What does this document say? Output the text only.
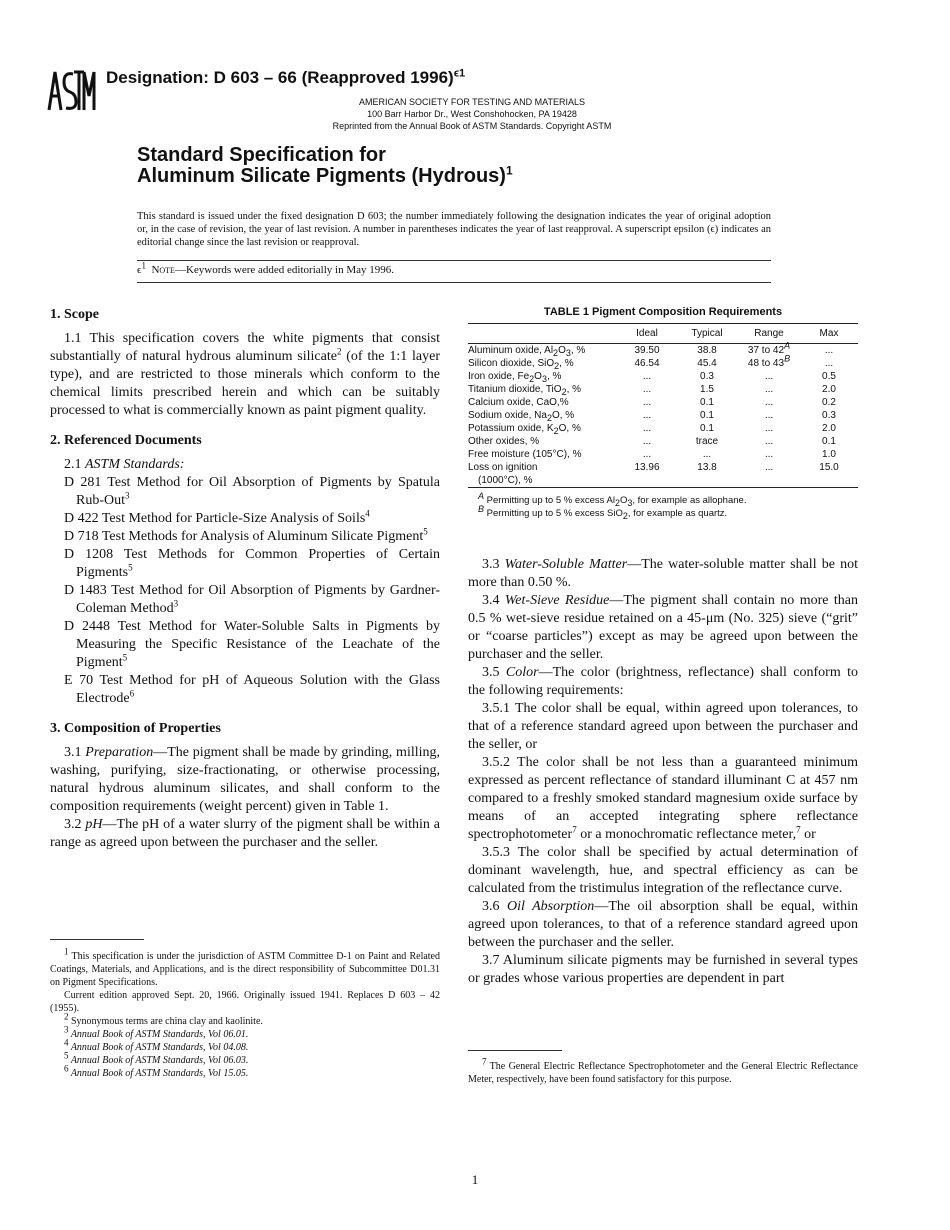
ASTM
Designation: D 603 – 66 (Reapproved 1996)$^{\epsilon 1}$
AMERICAN SOCIETY FOR TESTING AND MATERIALS
100 Barr Harbor Dr., West Conshohocken, PA 19428
Reprinted from the Annual Book of ASTM Standards. Copyright ASTM
Standard Specification for
Aluminum Silicate Pigments (Hydrous)$^1$
This standard is issued under the fixed designation D 603; the number immediately following the designation indicates the year of original adoption or, in the case of revision, the year of last revision. A number in parentheses indicates the year of last reapproval. A superscript epsilon (ϵ) indicates an editorial change since the last revision or reapproval.
$\epsilon^1$ Note—Keywords were added editorially in May 1996.
1. Scope

1.1 This specification covers the white pigments that consist substantially of natural hydrous aluminum silicate$^2$ (of the 1:1 layer type), and are restricted to those minerals which conform to the chemical limits prescribed herein and which can be suitably processed to what is commercially known as paint pigment quality.

2. Referenced Documents

2.1 ASTM Standards:

D 281 Test Method for Oil Absorption of Pigments by Spatula Rub-Out$^3$

D 422 Test Method for Particle-Size Analysis of Soils$^4$

D 718 Test Methods for Analysis of Aluminum Silicate Pigment$^5$

D 1208 Test Methods for Common Properties of Certain Pigments$^5$

D 1483 Test Method for Oil Absorption of Pigments by Gardner-Coleman Method$^3$

D 2448 Test Method for Water-Soluble Salts in Pigments by Measuring the Specific Resistance of the Leachate of the Pigment$^5$

E 70 Test Method for pH of Aqueous Solution with the Glass Electrode$^6$

3. Composition of Properties

3.1 Preparation—The pigment shall be made by grinding, milling, washing, purifying, size-fractionating, or otherwise processing, natural hydrous aluminum silicates, and shall conform to the composition requirements (weight percent) given in Table 1.

3.2 pH—The pH of a water slurry of the pigment shall be within a range as agreed upon between the purchaser and the seller.

TABLE 1 Pigment Composition Requirements
	Ideal	Typical	Range	Max
Aluminum oxide, $Al_2O_3$, %	39.50	38.8	37 to $42^A$	...
Silicon dioxide, SiO$_2$, %	46.54	45.4	48 to $43^B$	...
Iron oxide, $Fe_2O_3$, %	...	0.3	...	0.5
Titanium dioxide, TiO$_2$, %	...	1.5	...	2.0
Calcium oxide, CaO,%	...	0.1	...	0.2
Sodium oxide, $Na_2O$, %	...	0.1	...	0.3
Potassium oxide, $K_2O$, %	...	0.1	...	2.0
Other oxides, %	...	trace	...	0.1
Free moisture (105°C), %	...	...	...	1.0

Loss on ignition
(1000°C), %	13.96	13.8	...	15.0
$^A$ Permitting up to 5 % excess $Al_2O_3$, for example as allophane.
$^B$ Permitting up to 5 % excess SiO$_2$, for example as quartz.

3.3 Water-Soluble Matter—The water-soluble matter shall be not more than 0.50 %.

3.4 Wet-Sieve Residue—The pigment shall contain no more than 0.5 % wet-sieve residue retained on a 45-μm (No. 325) sieve (“grit” or “coarse particles”) except as may be agreed upon between the purchaser and the seller.

3.5 Color—The color (brightness, reflectance) shall conform to the following requirements:

3.5.1 The color shall be equal, within agreed upon tolerances, to that of a reference standard agreed upon between the purchaser and the seller, or

3.5.2 The color shall be not less than a guaranteed minimum expressed as percent reflectance of standard illuminant C at 457 nm compared to a freshly smoked standard magnesium oxide surface by means of an accepted integrating sphere reflectance spectrophotometer$^7$ or a monochromatic reflectance meter,$^7$ or

3.5.3 The color shall be specified by actual determination of dominant wavelength, hue, and spectral efficiency as can be calculated from the tristimulus integration of the reflectance curve.

3.6 Oil Absorption—The oil absorption shall be equal, within agreed upon tolerances, to that of a reference standard agreed upon between the purchaser and the seller.

3.7 Aluminum silicate pigments may be furnished in several types or grades whose various properties are dependent in part

$^1$ This specification is under the jurisdiction of ASTM Committee D-1 on Paint and Related Coatings, Materials, and Applications, and is the direct responsibility of Subcommittee D01.31 on Pigment Specifications.

Current edition approved Sept. 20, 1966. Originally issued 1941. Replaces D 603 – 42 (1955).

$^2$ Synonymous terms are china clay and kaolinite.

$^3$ Annual Book of ASTM Standards, Vol 06.01.

$^4$ Annual Book of ASTM Standards, Vol 04.08.

$^5$ Annual Book of ASTM Standards, Vol 06.03.

$^6$ Annual Book of ASTM Standards, Vol 15.05.

$^7$ The General Electric Reflectance Spectrophotometer and the General Electric Reflectance Meter, respectively, have been found satisfactory for this purpose.

1
